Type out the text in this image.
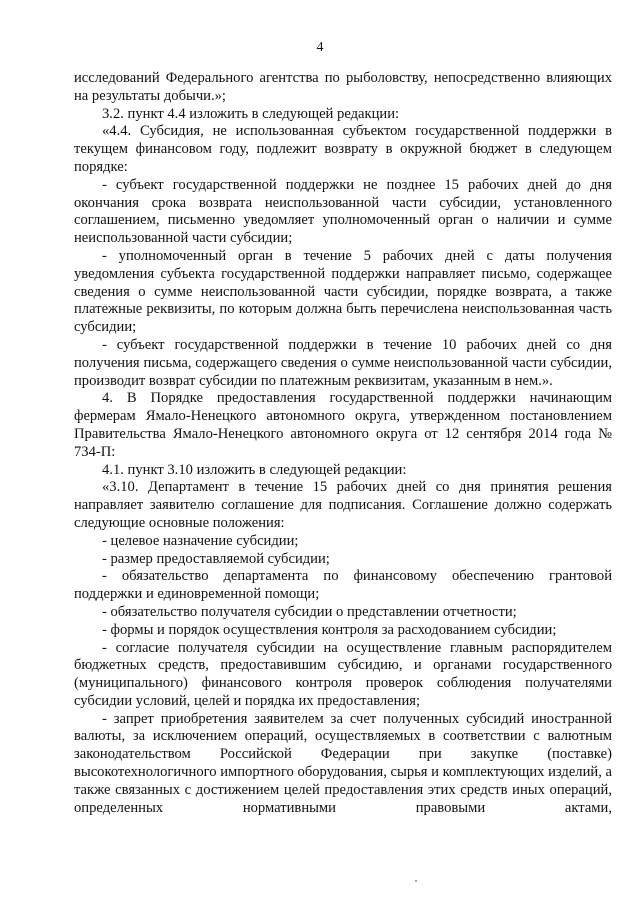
4

исследований Федерального агентства по рыболовству, непосредственно влияющих на результаты добычи.»;

3.2. пункт 4.4 изложить в следующей редакции:

«4.4. Субсидия, не использованная субъектом государственной поддержки в текущем финансовом году, подлежит возврату в окружной бюджет в следующем порядке:

- субъект государственной поддержки не позднее 15 рабочих дней до дня окончания срока возврата неиспользованной части субсидии, установленного соглашением, письменно уведомляет уполномоченный орган о наличии и сумме неиспользованной части субсидии;

- уполномоченный орган в течение 5 рабочих дней с даты получения уведомления субъекта государственной поддержки направляет письмо, содержащее сведения о сумме неиспользованной части субсидии, порядке возврата, а также платежные реквизиты, по которым должна быть перечислена неиспользованная часть субсидии;

- субъект государственной поддержки в течение 10 рабочих дней со дня получения письма, содержащего сведения о сумме неиспользованной части субсидии, производит возврат субсидии по платежным реквизитам, указанным в нем.».

4. В Порядке предоставления государственной поддержки начинающим фермерам Ямало-Ненецкого автономного округа, утвержденном постановлением Правительства Ямало-Ненецкого автономного округа от 12 сентября 2014 года № 734-П:

4.1. пункт 3.10 изложить в следующей редакции:

«3.10. Департамент в течение 15 рабочих дней со дня принятия решения направляет заявителю соглашение для подписания. Соглашение должно содержать следующие основные положения:

- целевое назначение субсидии;

- размер предоставляемой субсидии;

- обязательство департамента по финансовому обеспечению грантовой поддержки и единовременной помощи;

- обязательство получателя субсидии о представлении отчетности;

- формы и порядок осуществления контроля за расходованием субсидии;

- согласие получателя субсидии на осуществление главным распорядителем бюджетных средств, предоставившим субсидию, и органами государственного (муниципального) финансового контроля проверок соблюдения получателями субсидии условий, целей и порядка их предоставления;

- запрет приобретения заявителем за счет полученных субсидий иностранной валюты, за исключением операций, осуществляемых в соответствии с валютным законодательством Российской Федерации при закупке (поставке) высокотехнологичного импортного оборудования, сырья и комплектующих изделий, а также связанных с достижением целей предоставления этих средств иных операций, определенных нормативными правовыми актами,
